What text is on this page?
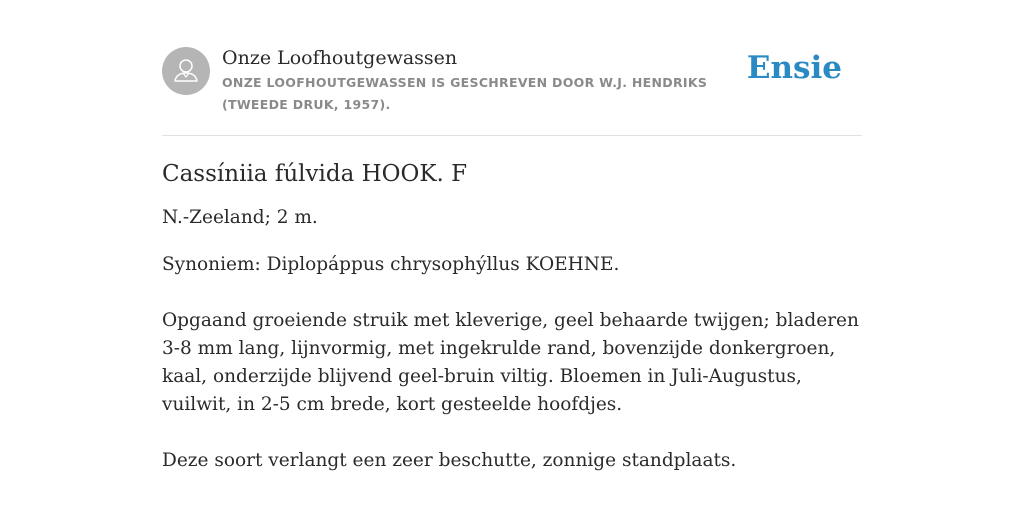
Onze Loofhoutgewassen

ONZE LOOFHOUTGEWASSEN IS GESCHREVEN DOOR W.J. HENDRIKS (TWEEDE DRUK, 1957).

Ensie
Cassíniia fúlvida HOOK. F

N.-Zeeland; 2 m.

Synoniem: Diplopáppus chrysophýllus KOEHNE.

Opgaand groeiende struik met kleverige, geel behaarde twijgen; bladeren 3-8 mm lang, lijnvormig, met ingekrulde rand, bovenzijde donkergroen, kaal, onderzijde blijvend geel-bruin viltig. Bloemen in Juli-Augustus, vuilwit, in 2-5 cm brede, kort gesteelde hoofdjes.

Deze soort verlangt een zeer beschutte, zonnige standplaats.
